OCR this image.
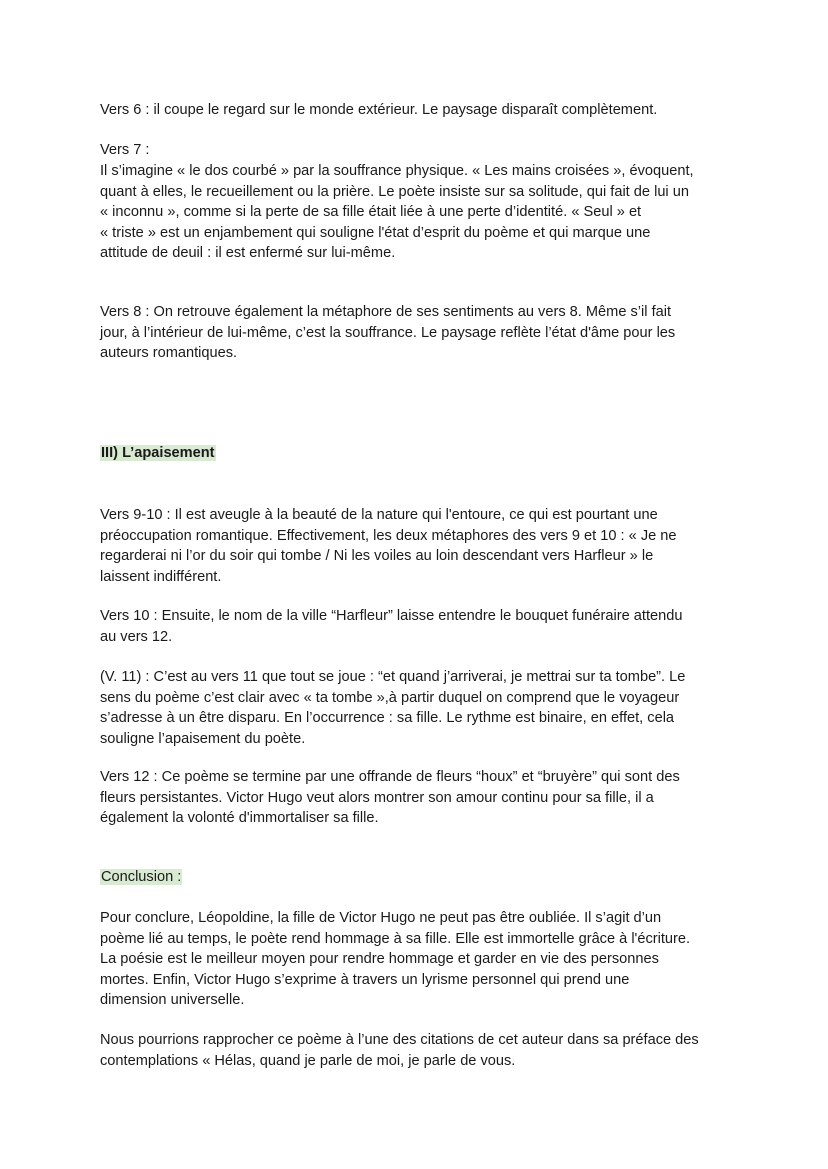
Vers 6 : il coupe le regard sur le monde extérieur. Le paysage disparaît complètement.

Vers 7 :

Il s’imagine « le dos courbé » par la souffrance physique. « Les mains croisées », évoquent,
quant à elles, le recueillement ou la prière. Le poète insiste sur sa solitude, qui fait de lui un
« inconnu », comme si la perte de sa fille était liée à une perte d’identité. « Seul » et
« triste » est un enjambement qui souligne l'état d’esprit du poème et qui marque une
attitude de deuil : il est enfermé sur lui-même.

Vers 8 : On retrouve également la métaphore de ses sentiments au vers 8. Même s’il fait
jour, à l’intérieur de lui-même, c’est la souffrance. Le paysage reflète l’état d'âme pour les
auteurs romantiques.

III) L’apaisement

Vers 9-10 : Il est aveugle à la beauté de la nature qui l'entoure, ce qui est pourtant une
préoccupation romantique. Effectivement, les deux métaphores des vers 9 et 10 : « Je ne
regarderai ni l’or du soir qui tombe / Ni les voiles au loin descendant vers Harfleur » le
laissent indifférent.

Vers 10 : Ensuite, le nom de la ville “Harfleur” laisse entendre le bouquet funéraire attendu
au vers 12.

(V. 11) : C’est au vers 11 que tout se joue : “et quand j’arriverai, je mettrai sur ta tombe”. Le
sens du poème c’est clair avec « ta tombe »,à partir duquel on comprend que le voyageur
s’adresse à un être disparu. En l’occurrence : sa fille. Le rythme est binaire, en effet, cela
souligne l’apaisement du poète.

Vers 12 : Ce poème se termine par une offrande de fleurs “houx” et “bruyère” qui sont des
fleurs persistantes. Victor Hugo veut alors montrer son amour continu pour sa fille, il a
également la volonté d'immortaliser sa fille.

Conclusion :

Pour conclure, Léopoldine, la fille de Victor Hugo ne peut pas être oubliée. Il s’agit d’un
poème lié au temps, le poète rend hommage à sa fille. Elle est immortelle grâce à l'écriture.
La poésie est le meilleur moyen pour rendre hommage et garder en vie des personnes
mortes. Enfin, Victor Hugo s’exprime à travers un lyrisme personnel qui prend une
dimension universelle.

Nous pourrions rapprocher ce poème à l’une des citations de cet auteur dans sa préface des
contemplations « Hélas, quand je parle de moi, je parle de vous.
